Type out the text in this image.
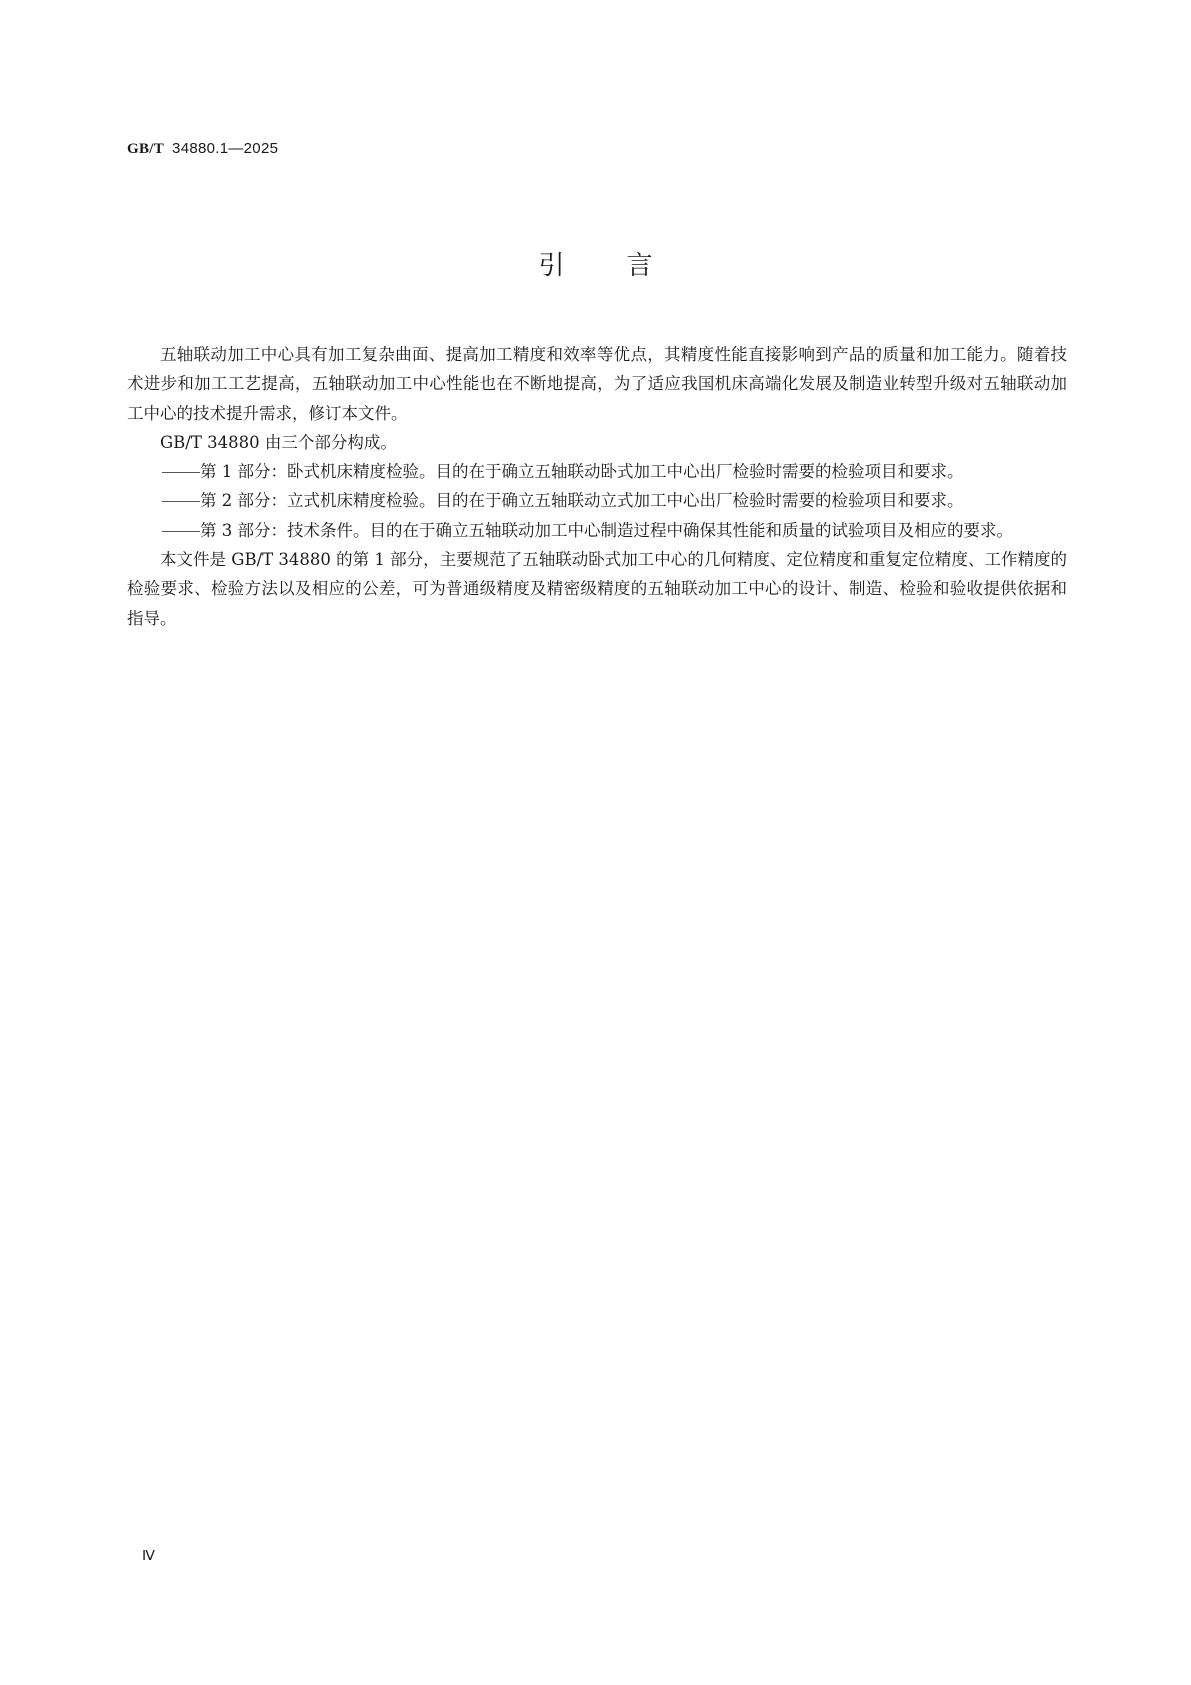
GB/T 34880.1—2025
引言

五轴联动加工中心具有加工复杂曲面、提高加工精度和效率等优点，其精度性能直接影响到产品的质量和加工能力。随着技术进步和加工工艺提高，五轴联动加工中心性能也在不断地提高，为了适应我国机床高端化发展及制造业转型升级对五轴联动加工中心的技术提升需求，修订本文件。

GB/T 34880 由三个部分构成。

第 1 部分：卧式机床精度检验。目的在于确立五轴联动卧式加工中心出厂检验时需要的检验项目和要求。

第 2 部分：立式机床精度检验。目的在于确立五轴联动立式加工中心出厂检验时需要的检验项目和要求。

第 3 部分：技术条件。目的在于确立五轴联动加工中心制造过程中确保其性能和质量的试验项目及相应的要求。

本文件是 GB/T 34880 的第 1 部分，主要规范了五轴联动卧式加工中心的几何精度、定位精度和重复定位精度、工作精度的检验要求、检验方法以及相应的公差，可为普通级精度及精密级精度的五轴联动加工中心的设计、制造、检验和验收提供依据和指导。

Ⅳ
